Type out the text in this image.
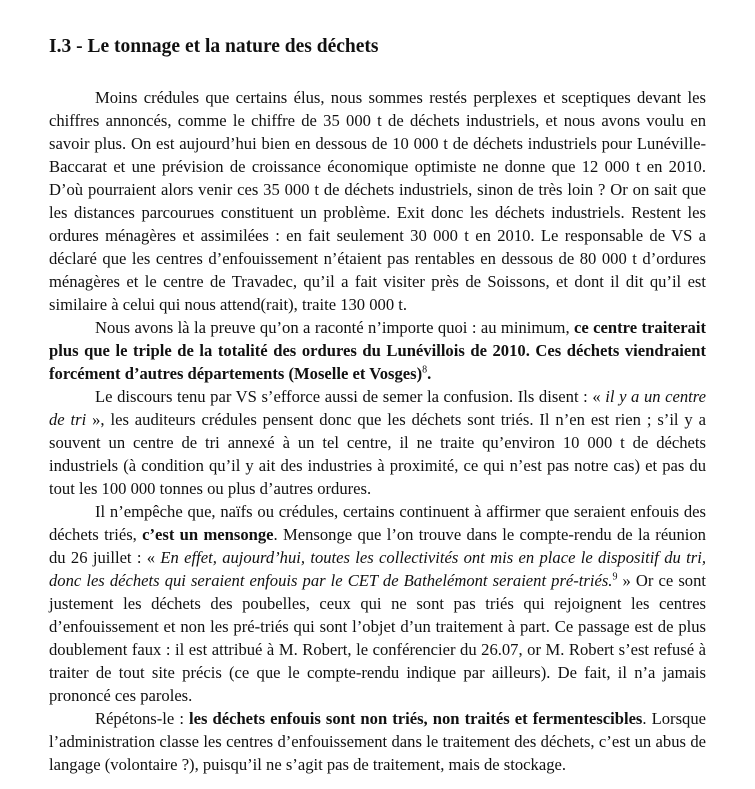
I.3 - Le tonnage et la nature des déchets

Moins crédules que certains élus, nous sommes restés perplexes et sceptiques devant les chiffres annoncés, comme le chiffre de 35 000 t de déchets industriels, et nous avons voulu en savoir plus. On est aujourd’hui bien en dessous de 10 000 t de déchets industriels pour Lunéville-Baccarat et une prévision de croissance économique optimiste ne donne que 12 000 t en 2010. D’où pourraient alors venir ces 35 000 t de déchets industriels, sinon de très loin ? Or on sait que les distances parcourues constituent un problème. Exit donc les déchets industriels. Restent les ordures ménagères et assimilées : en fait seulement 30 000 t en 2010. Le responsable de VS a déclaré que les centres d’enfouissement n’étaient pas rentables en dessous de 80 000 t d’ordures ménagères et le centre de Travadec, qu’il a fait visiter près de Soissons, et dont il dit qu’il est similaire à celui qui nous attend(rait), traite 130 000 t.

Nous avons là la preuve qu’on a raconté n’importe quoi : au minimum, ce centre traiterait plus que le triple de la totalité des ordures du Lunévillois de 2010. Ces déchets viendraient forcément d’autres départements (Moselle et Vosges)$^8$.

Le discours tenu par VS s’efforce aussi de semer la confusion. Ils disent : « il y a un centre de tri », les auditeurs crédules pensent donc que les déchets sont triés. Il n’en est rien ; s’il y a souvent un centre de tri annexé à un tel centre, il ne traite qu’environ 10 000 t de déchets industriels (à condition qu’il y ait des industries à proximité, ce qui n’est pas notre cas) et pas du tout les 100 000 tonnes ou plus d’autres ordures.

Il n’empêche que, naïfs ou crédules, certains continuent à affirmer que seraient enfouis des déchets triés, c’est un mensonge. Mensonge que l’on trouve dans le compte-rendu de la réunion du 26 juillet : « En effet, aujourd’hui, toutes les collectivités ont mis en place le dispositif du tri, donc les déchets qui seraient enfouis par le CET de Bathelémont seraient pré-triés.$^9$ » Or ce sont justement les déchets des poubelles, ceux qui ne sont pas triés qui rejoignent les centres d’enfouissement et non les pré-triés qui sont l’objet d’un traitement à part. Ce passage est de plus doublement faux : il est attribué à M. Robert, le conférencier du 26.07, or M. Robert s’est refusé à traiter de tout site précis (ce que le compte-rendu indique par ailleurs). De fait, il n’a jamais prononcé ces paroles.

Répétons-le : les déchets enfouis sont non triés, non traités et fermentescibles. Lorsque l’administration classe les centres d’enfouissement dans le traitement des déchets, c’est un abus de langage (volontaire ?), puisqu’il ne s’agit pas de traitement, mais de stockage.
